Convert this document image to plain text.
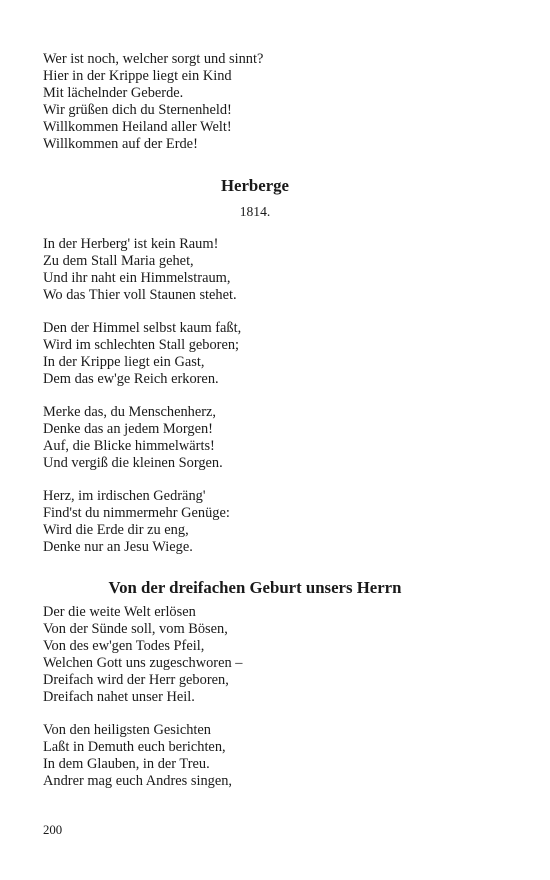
Wer ist noch, welcher sorgt und sinnt?
Hier in der Krippe liegt ein Kind
Mit lächelnder Geberde.
Wir grüßen dich du Sternenheld!
Willkommen Heiland aller Welt!
Willkommen auf der Erde!
Herberge
1814.
In der Herberg' ist kein Raum!
Zu dem Stall Maria gehet,
Und ihr naht ein Himmelstraum,
Wo das Thier voll Staunen stehet.
Den der Himmel selbst kaum faßt,
Wird im schlechten Stall geboren;
In der Krippe liegt ein Gast,
Dem das ew'ge Reich erkoren.
Merke das, du Menschenherz,
Denke das an jedem Morgen!
Auf, die Blicke himmelwärts!
Und vergiß die kleinen Sorgen.
Herz, im irdischen Gedräng'
Find'st du nimmermehr Genüge:
Wird die Erde dir zu eng,
Denke nur an Jesu Wiege.
Von der dreifachen Geburt unsers Herrn
Der die weite Welt erlösen
Von der Sünde soll, vom Bösen,
Von des ew'gen Todes Pfeil,
Welchen Gott uns zugeschworen –
Dreifach wird der Herr geboren,
Dreifach nahet unser Heil.
Von den heiligsten Gesichten
Laßt in Demuth euch berichten,
In dem Glauben, in der Treu.
Andrer mag euch Andres singen,
200
